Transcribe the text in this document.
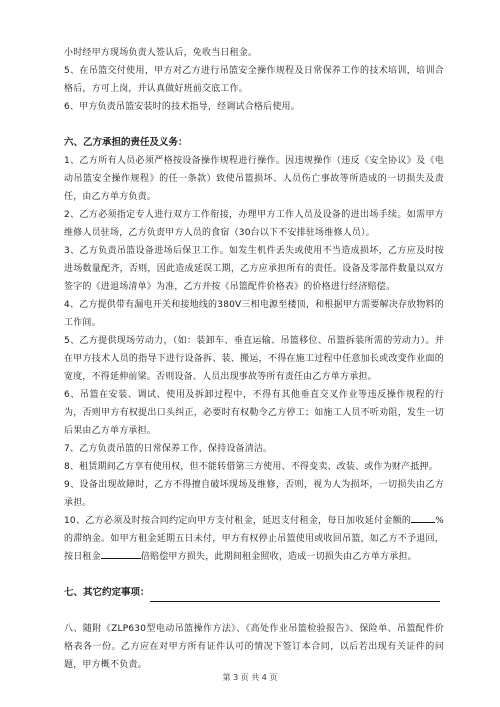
小时经甲方现场负责人签认后，免收当日租金。

5、在吊篮交付使用，甲方对乙方进行吊篮安全操作规程及日常保养工作的技术培训，培训合格后，方可上岗，并认真做好班前交底工作。

6、甲方负责吊篮安装时的技术指导，经调试合格后使用。

六、乙方承担的责任及义务：

1、乙方所有人员必须严格按设备操作规程进行操作。因违规操作（违反《安全协议》及《电动吊篮安全操作规程》的任一条款）致使吊篮损坏、人员伤亡事故等所造成的一切损失及责任，由乙方单方负责。

2、乙方必须指定专人进行双方工作衔接，办理甲方工作人员及设备的进出场手续。如需甲方维修人员驻场，乙方负责甲方人员的食宿（30台以下不安排驻场维修人员）。

3、乙方负责吊篮设备进场后保卫工作。如发生机件丢失或使用不当造成损坏，乙方应及时按进场数量配齐，否则，因此造成延误工期，乙方应承担所有的责任。设备及零部件数量以双方签字的《进退场清单》为准，乙方并按《吊篮配件价格表》的价格进行经济赔偿。

4、乙方提供带有漏电开关和接地线的380V三相电源至楼顶，和根据甲方需要解决存放物料的工作间。

5、乙方提供现场劳动力，（如：装卸车、垂直运输、吊篮移位、吊篮拆装所需的劳动力）。并在甲方技术人员的指导下进行设备拆、装、搬运，不得在施工过程中任意加长或改变作业面的宽度，不得延伸前梁。否则设备、人员出现事故等所有责任由乙方单方承担。

6、吊篮在安装、调试、使用及拆卸过程中，不得有其他垂直交叉作业等违反操作规程的行为，否则甲方有权提出口头纠正，必要时有权勒令乙方停工；如施工人员不听劝阻，发生一切后果由乙方单方承担。

7、乙方负责吊篮的日常保养工作，保持设备清洁。

8、租赁期间乙方享有使用权，但不能转借第三方使用、不得变卖、改装、或作为财产抵押。

9、设备出现故障时，乙方不得擅自破坏现场及维修，否则，视为人为损坏，一切损失由乙方承担。

10、乙方必须及时按合同约定向甲方支付租金，延迟支付租金，每日加收延付金额的	%的滞纳金。如甲方租金延期五日未付，甲方有权停止吊篮使用或收回吊篮，如乙方不予退回，按日租金	倍赔偿甲方损失，此期间租金照收，造成一切损失由乙方单方承担。

七、其它约定事项：

八、随附《ZLP630型电动吊篮操作方法》、《高处作业吊篮检验报告》、保险单、吊篮配件价格表各一份。乙方应在对甲方所有证件认可的情况下签订本合同，以后若出现有关证件的问题，甲方概不负责。

第 3 页 共 4 页
